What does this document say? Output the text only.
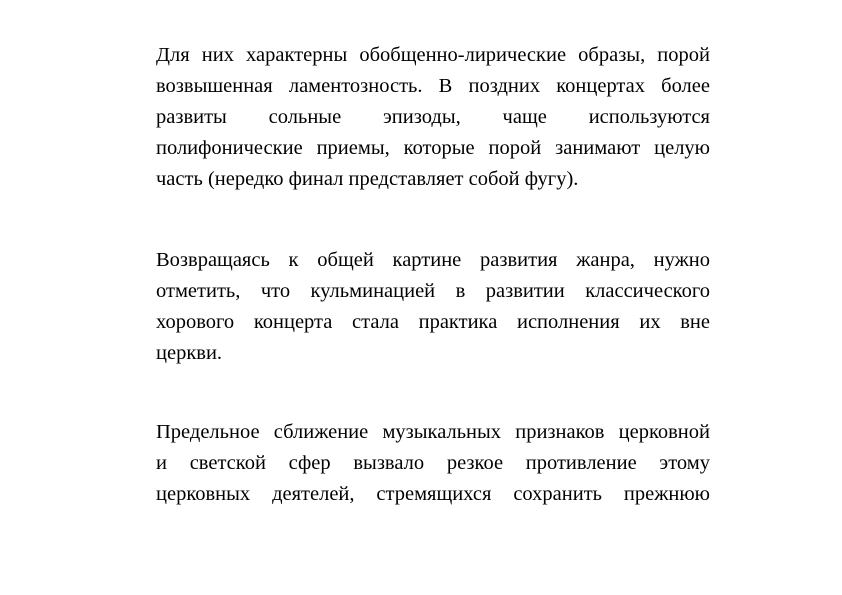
Для них характерны обобщенно-лирические образы, порой
возвышенная ламентозность. В поздних концертах более
развиты сольные эпизоды, чаще используются
полифонические приемы, которые порой занимают целую
часть (нередко финал представляет собой фугу).
Возвращаясь к общей картине развития жанра, нужно
отметить, что кульминацией в развитии классического
хорового концерта стала практика исполнения их вне
церкви.
Предельное сближение музыкальных признаков церковной
и светской сфер вызвало резкое противление этому
церковных деятелей, стремящихся сохранить прежнюю
